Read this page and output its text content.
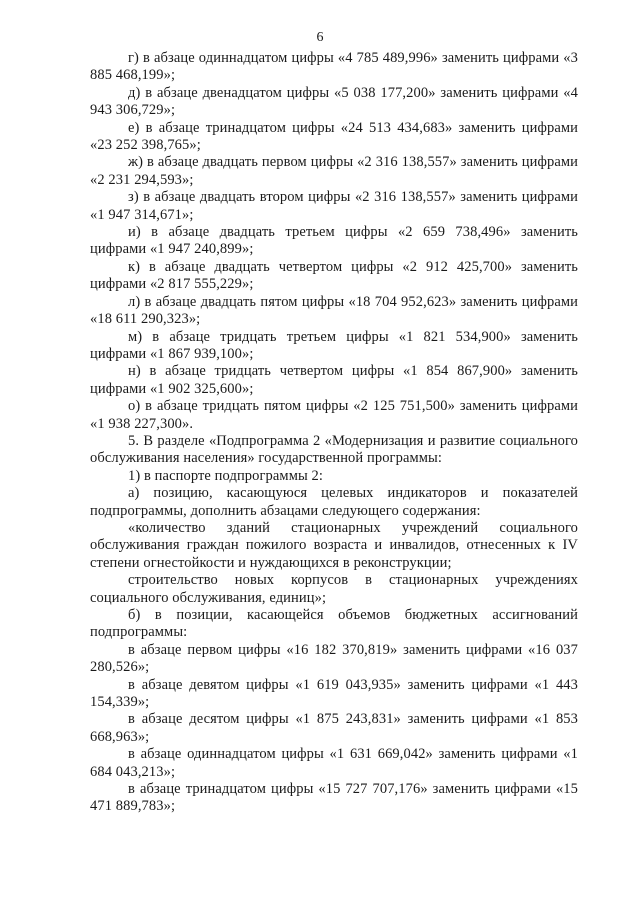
6

г) в абзаце одиннадцатом цифры «4 785 489,996» заменить цифрами «3 885 468,199»;

д) в абзаце двенадцатом цифры «5 038 177,200» заменить цифрами «4 943 306,729»;

е) в абзаце тринадцатом цифры «24 513 434,683» заменить цифрами «23 252 398,765»;

ж) в абзаце двадцать первом цифры «2 316 138,557» заменить цифрами «2 231 294,593»;

з) в абзаце двадцать втором цифры «2 316 138,557» заменить цифрами «1 947 314,671»;

и) в абзаце двадцать третьем цифры «2 659 738,496» заменить цифрами «1 947 240,899»;

к) в абзаце двадцать четвертом цифры «2 912 425,700» заменить цифрами «2 817 555,229»;

л) в абзаце двадцать пятом цифры «18 704 952,623» заменить цифрами «18 611 290,323»;

м) в абзаце тридцать третьем цифры «1 821 534,900» заменить цифрами «1 867 939,100»;

н) в абзаце тридцать четвертом цифры «1 854 867,900» заменить цифрами «1 902 325,600»;

о) в абзаце тридцать пятом цифры «2 125 751,500» заменить цифрами «1 938 227,300».

5. В разделе «Подпрограмма 2 «Модернизация и развитие социального обслуживания населения» государственной программы:

1) в паспорте подпрограммы 2:

а) позицию, касающуюся целевых индикаторов и показателей подпрограммы, дополнить абзацами следующего содержания:

«количество зданий стационарных учреждений социального обслуживания граждан пожилого возраста и инвалидов, отнесенных к IV степени огнестойкости и нуждающихся в реконструкции;

строительство новых корпусов в стационарных учреждениях социального обслуживания, единиц»;

б) в позиции, касающейся объемов бюджетных ассигнований подпрограммы:

в абзаце первом цифры «16 182 370,819» заменить цифрами «16 037 280,526»;

в абзаце девятом цифры «1 619 043,935» заменить цифрами «1 443 154,339»;

в абзаце десятом цифры «1 875 243,831» заменить цифрами «1 853 668,963»;

в абзаце одиннадцатом цифры «1 631 669,042» заменить цифрами «1 684 043,213»;

в абзаце тринадцатом цифры «15 727 707,176» заменить цифрами «15 471 889,783»;
